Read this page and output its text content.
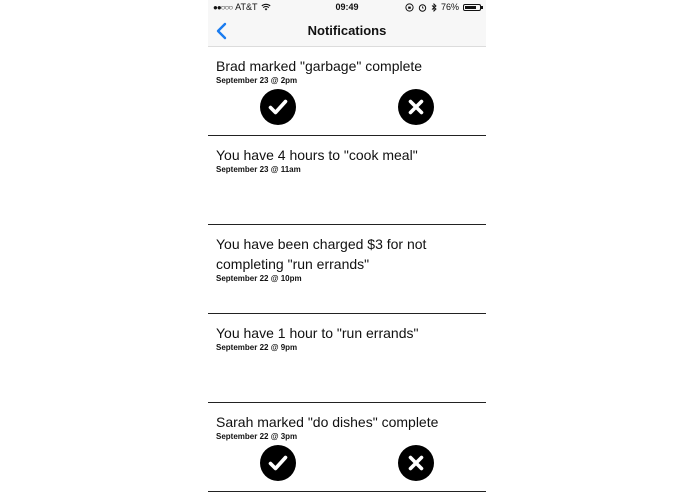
●●○○○ AT&T	09:49	76%
Notifications
Brad marked "garbage" complete
September 23 @ 2pm
You have 4 hours to "cook meal"
September 23 @ 11am
You have been charged $3 for not completing "run errands"
September 22 @ 10pm
You have 1 hour to "run errands"
September 22 @ 9pm
Sarah marked "do dishes" complete
September 22 @ 3pm
